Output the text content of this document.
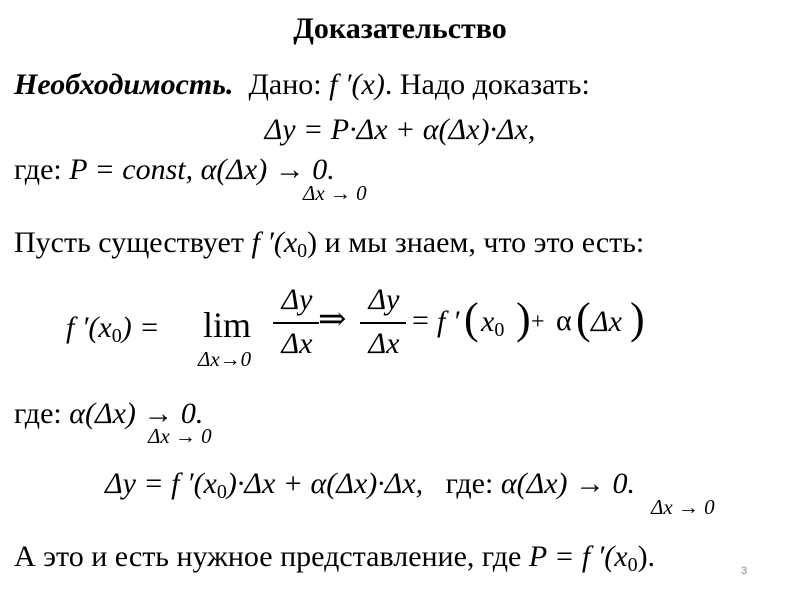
Доказательство
Необходимость. Дано: f ′(x). Надо доказать:
Δy = P·Δx + α(Δx)·Δx,
где: P = const, α(Δx) → 0.
Δx → 0
Пусть существует f $'(x_0)$ и мы знаем, что это есть:
f $'(x_0) = \lim$
Δx→0
Δy
Δx
⇒
Δy
Δx
= f ′ ( $x_0$ ) + α ( Δx )
где: α(Δx) → 0.
Δx → 0
Δy = f $'(x_0)\cdot\Delta x + \alpha(\Delta x)\cdot\Delta x$, где: α(Δx) → 0.
Δx → 0
А это и есть нужное представление, где P = f $'(x_0)$.	3
